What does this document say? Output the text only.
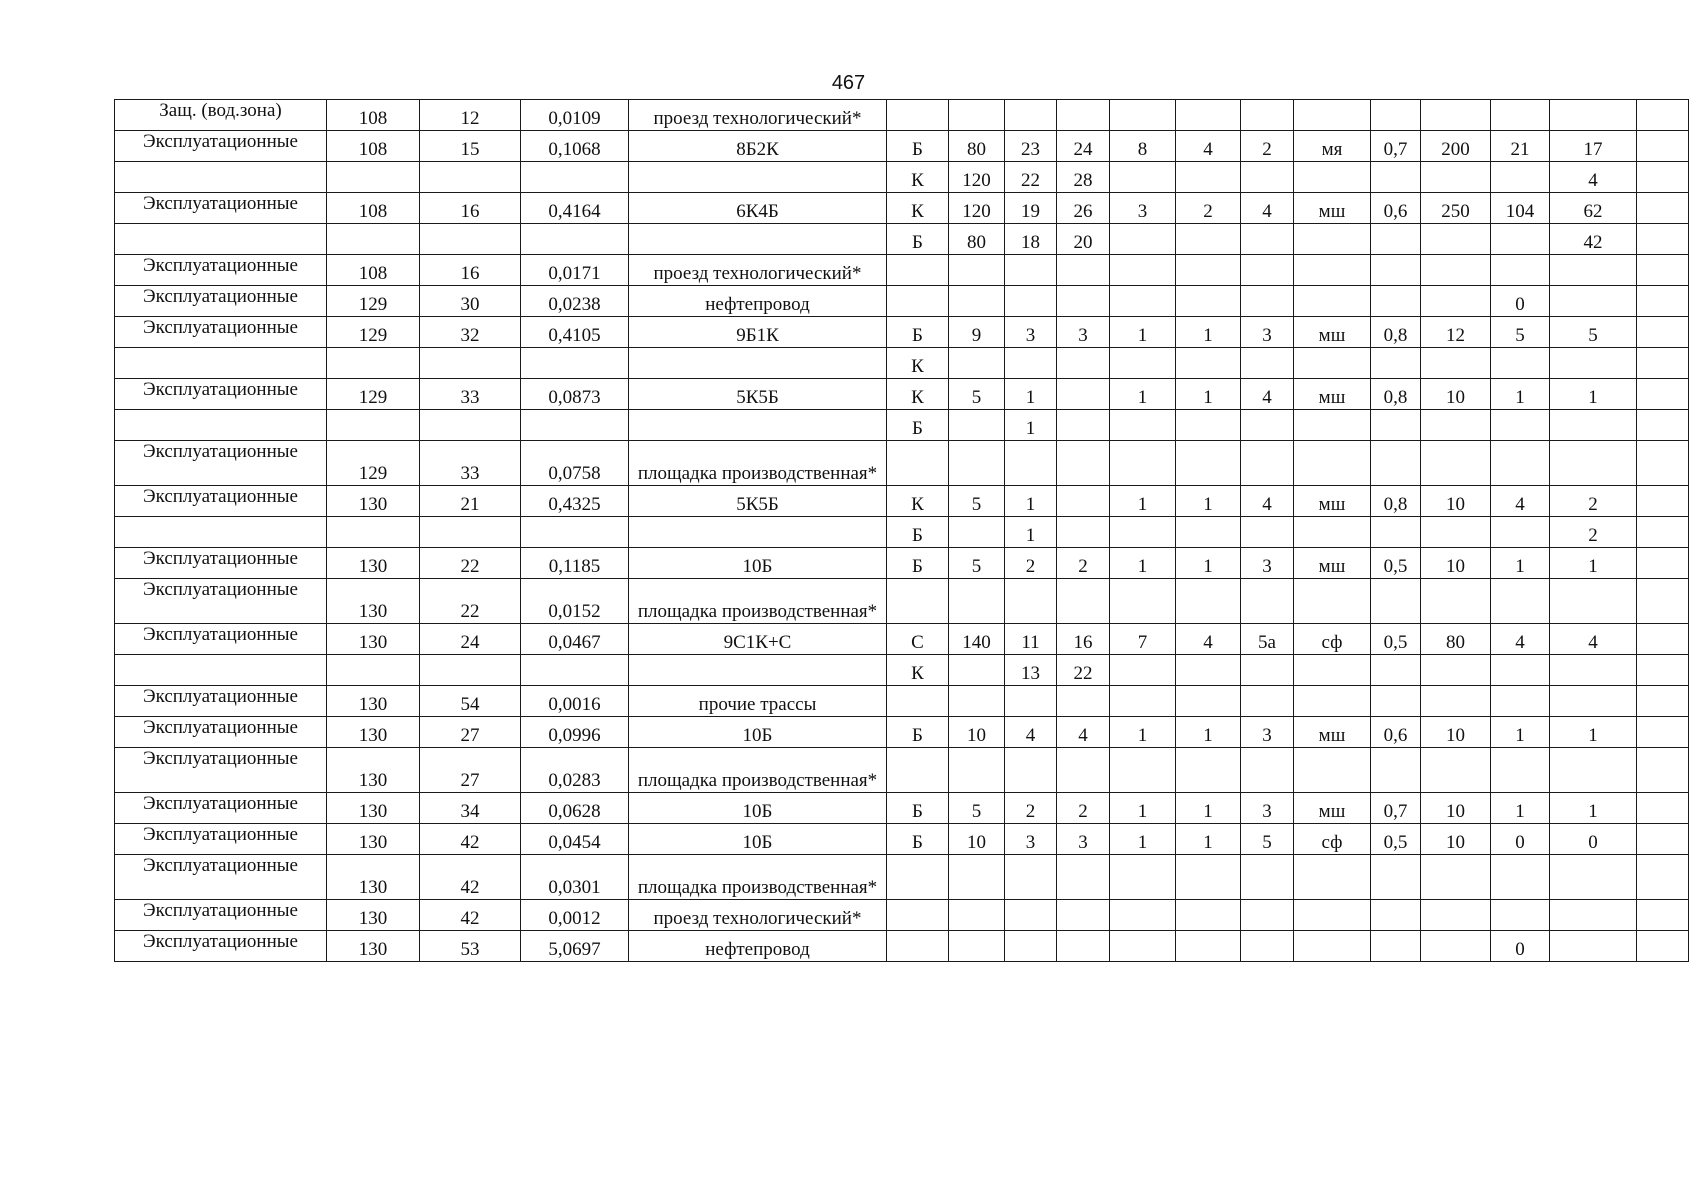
467
Защ. (вод.зона)	108	12	0,0109	проезд технологический*													
Эксплуатационные	108	15	0,1068	8Б2К	Б	80	23	24	8	4	2	мя	0,7	200	21	17	
					К	120	22	28								4	
Эксплуатационные	108	16	0,4164	6К4Б	К	120	19	26	3	2	4	мш	0,6	250	104	62	
					Б	80	18	20								42	
Эксплуатационные	108	16	0,0171	проезд технологический*													
Эксплуатационные	129	30	0,0238	нефтепровод											0		
Эксплуатационные	129	32	0,4105	9Б1К	Б	9	3	3	1	1	3	мш	0,8	12	5	5	
					К												
Эксплуатационные	129	33	0,0873	5К5Б	К	5	1		1	1	4	мш	0,8	10	1	1	
					Б		1										
Эксплуатационные	129	33	0,0758	площадка производственная*													
Эксплуатационные	130	21	0,4325	5К5Б	К	5	1		1	1	4	мш	0,8	10	4	2	
					Б		1									2	
Эксплуатационные	130	22	0,1185	10Б	Б	5	2	2	1	1	3	мш	0,5	10	1	1	
Эксплуатационные	130	22	0,0152	площадка производственная*													
Эксплуатационные	130	24	0,0467	9С1К+С	С	140	11	16	7	4	5а	сф	0,5	80	4	4	
					К		13	22									
Эксплуатационные	130	54	0,0016	прочие трассы													
Эксплуатационные	130	27	0,0996	10Б	Б	10	4	4	1	1	3	мш	0,6	10	1	1	
Эксплуатационные	130	27	0,0283	площадка производственная*													
Эксплуатационные	130	34	0,0628	10Б	Б	5	2	2	1	1	3	мш	0,7	10	1	1	
Эксплуатационные	130	42	0,0454	10Б	Б	10	3	3	1	1	5	сф	0,5	10	0	0	
Эксплуатационные	130	42	0,0301	площадка производственная*													
Эксплуатационные	130	42	0,0012	проезд технологический*													
Эксплуатационные	130	53	5,0697	нефтепровод											0		
